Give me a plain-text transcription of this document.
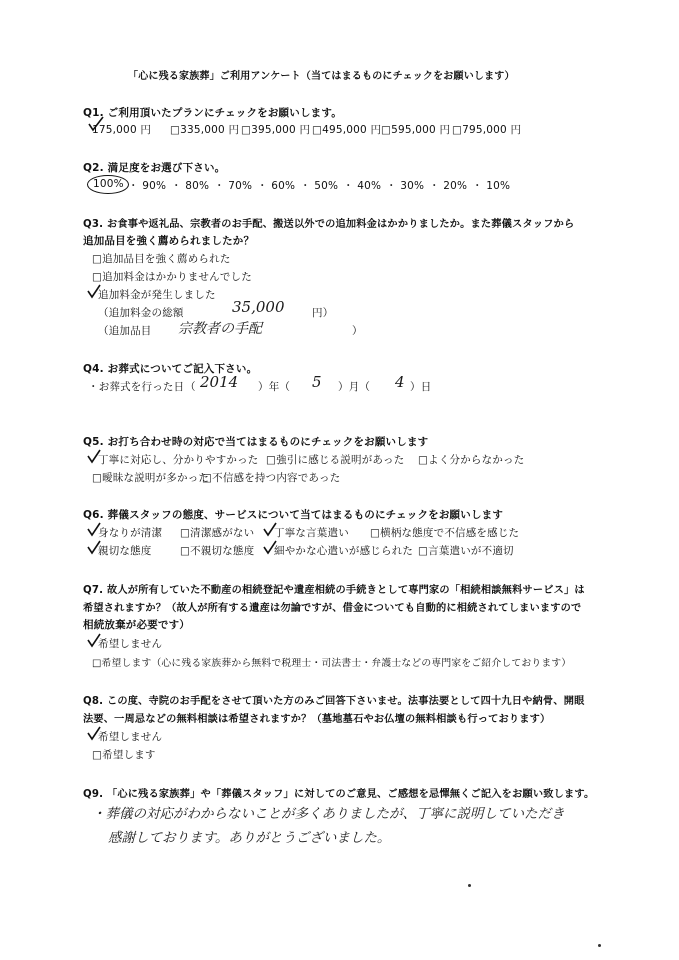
「心に残る家族葬」ご利用アンケート（当てはまるものにチェックをお願いします）
Q1. ご利用頂いたプランにチェックをお願いします。
175,000 円 □335,000 円 □395,000 円 □495,000 円 □595,000 円 □795,000 円
Q2. 満足度をお選び下さい。
100% ・ 90% ・ 80% ・ 70% ・ 60% ・ 50% ・ 40% ・ 30% ・ 20% ・ 10%
Q3. お食事や返礼品、宗教者のお手配、搬送以外での追加料金はかかりましたか。また葬儀スタッフから
追加品目を強く薦められましたか？
□追加品目を強く薦められた
□追加料金はかかりませんでした
追加料金が発生しました
（追加料金の総額	35,000	円）
（追加品目 宗教者の手配	）
Q4. お葬式についてご記入下さい。
・お葬式を行った日 （ 2014 ）年（ 5 ）月（ 4 ）日
Q5. お打ち合わせ時の対応で当てはまるものにチェックをお願いします
丁寧に対応し、分かりやすかった □強引に感じる説明があった □よく分からなかった
□曖昧な説明が多かった
□不信感を持つ内容であった
Q6. 葬儀スタッフの態度、サービスについて当てはまるものにチェックをお願いします
身なりが清潔 □清潔感がない 丁寧な言葉遣い □横柄な態度で不信感を感じた
親切な態度	□不親切な態度 細やかな心遣いが感じられた □言葉遣いが不適切
Q7. 故人が所有していた不動産の相続登記や遺産相続の手続きとして専門家の「相続相談無料サービス」は
希望されますか？（故人が所有する遺産は勿論ですが、借金についても自動的に相続されてしまいますので
相続放棄が必要です）
希望しません
□希望します（心に残る家族葬から無料で税理士・司法書士・弁護士などの専門家をご紹介しております）
Q8. この度、寺院のお手配をさせて頂いた方のみご回答下さいませ。法事法要として四十九日や納骨、開眼
法要、一周忌などの無料相談は希望されますか？（墓地墓石やお仏壇の無料相談も行っております）
希望しません
□希望します
Q9. 「心に残る家族葬」や「葬儀スタッフ」に対してのご意見、ご感想を忌憚無くご記入をお願い致します。
・葬儀の対応がわからないことが多くありましたが、丁寧に説明していただき
感謝しております。ありがとうございました。
